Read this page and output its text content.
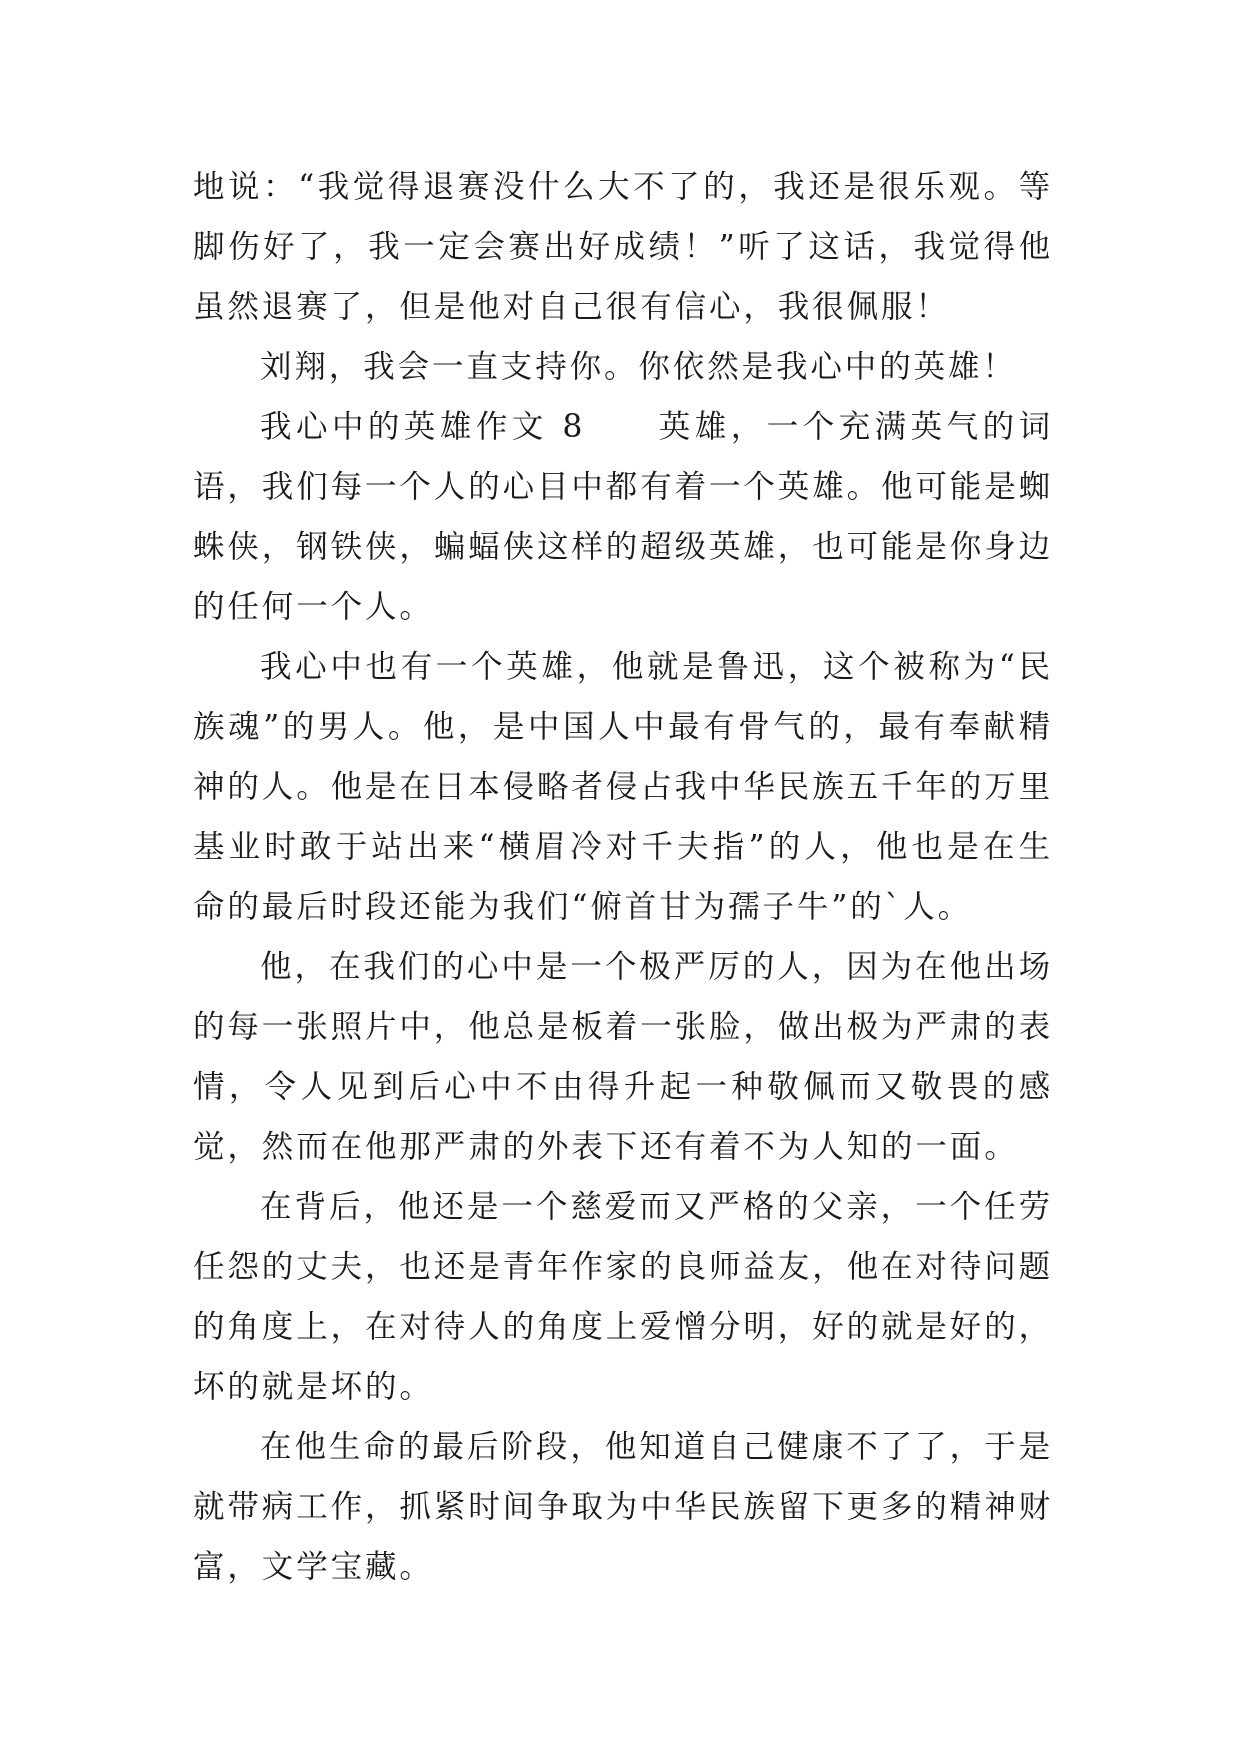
地说：“我觉得退赛没什么大不了的，我还是很乐观。等脚伤好了，我一定会赛出好成绩！”听了这话，我觉得他虽然退赛了，但是他对自己很有信心，我很佩服！

刘翔，我会一直支持你。你依然是我心中的英雄！

我心中的英雄作文 8　　英雄，一个充满英气的词语，我们每一个人的心目中都有着一个英雄。他可能是蜘蛛侠，钢铁侠，蝙蝠侠这样的超级英雄，也可能是你身边的任何一个人。

我心中也有一个英雄，他就是鲁迅，这个被称为“民族魂”的男人。他，是中国人中最有骨气的，最有奉献精神的人。他是在日本侵略者侵占我中华民族五千年的万里基业时敢于站出来“横眉冷对千夫指”的人，他也是在生命的最后时段还能为我们“俯首甘为孺子牛”的`人。

他，在我们的心中是一个极严厉的人，因为在他出场的每一张照片中，他总是板着一张脸，做出极为严肃的表情，令人见到后心中不由得升起一种敬佩而又敬畏的感觉，然而在他那严肃的外表下还有着不为人知的一面。

在背后，他还是一个慈爱而又严格的父亲，一个任劳任怨的丈夫，也还是青年作家的良师益友，他在对待问题的角度上，在对待人的角度上爱憎分明，好的就是好的，坏的就是坏的。

在他生命的最后阶段，他知道自己健康不了了，于是就带病工作，抓紧时间争取为中华民族留下更多的精神财富，文学宝藏。
